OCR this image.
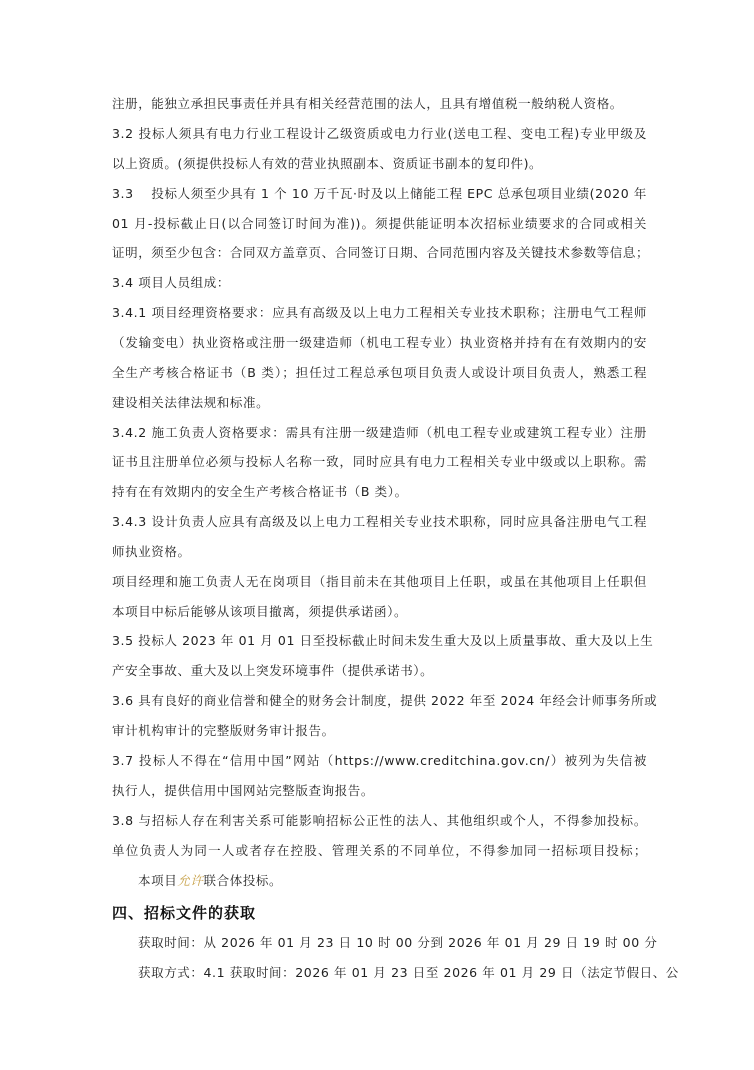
注册，能独立承担民事责任并具有相关经营范围的法人，且具有增值税一般纳税人资格。
3.2 投标人须具有电力行业工程设计乙级资质或电力行业(送电工程、变电工程)专业甲级及
以上资质。(须提供投标人有效的营业执照副本、资质证书副本的复印件)。
3.3　 投标人须至少具有 1 个 10 万千瓦·时及以上储能工程 EPC 总承包项目业绩(2020 年
01 月-投标截止日(以合同签订时间为准))。须提供能证明本次招标业绩要求的合同或相关
证明，须至少包含：合同双方盖章页、合同签订日期、合同范围内容及关键技术参数等信息；
3.4 项目人员组成：
3.4.1 项目经理资格要求：应具有高级及以上电力工程相关专业技术职称；注册电气工程师
（发输变电）执业资格或注册一级建造师（机电工程专业）执业资格并持有在有效期内的安
全生产考核合格证书（B 类）；担任过工程总承包项目负责人或设计项目负责人，熟悉工程
建设相关法律法规和标准。
3.4.2 施工负责人资格要求：需具有注册一级建造师（机电工程专业或建筑工程专业）注册
证书且注册单位必须与投标人名称一致，同时应具有电力工程相关专业中级或以上职称。需
持有在有效期内的安全生产考核合格证书（B 类）。
3.4.3 设计负责人应具有高级及以上电力工程相关专业技术职称，同时应具备注册电气工程
师执业资格。
项目经理和施工负责人无在岗项目（指目前未在其他项目上任职，或虽在其他项目上任职但
本项目中标后能够从该项目撤离，须提供承诺函）。
3.5 投标人 2023 年 01 月 01 日至投标截止时间未发生重大及以上质量事故、重大及以上生
产安全事故、重大及以上突发环境事件（提供承诺书）。
3.6 具有良好的商业信誉和健全的财务会计制度，提供 2022 年至 2024 年经会计师事务所或
审计机构审计的完整版财务审计报告。
3.7 投标人不得在“信用中国”网站（https://www.creditchina.gov.cn/）被列为失信被
执行人，提供信用中国网站完整版查询报告。
3.8 与招标人存在利害关系可能影响招标公正性的法人、其他组织或个人，不得参加投标。
单位负责人为同一人或者存在控股、管理关系的不同单位，不得参加同一招标项目投标；
本项目允许联合体投标。
四、招标文件的获取
获取时间：从 2026 年 01 月 23 日 10 时 00 分到 2026 年 01 月 29 日 19 时 00 分
获取方式：4.1 获取时间：2026 年 01 月 23 日至 2026 年 01 月 29 日（法定节假日、公
